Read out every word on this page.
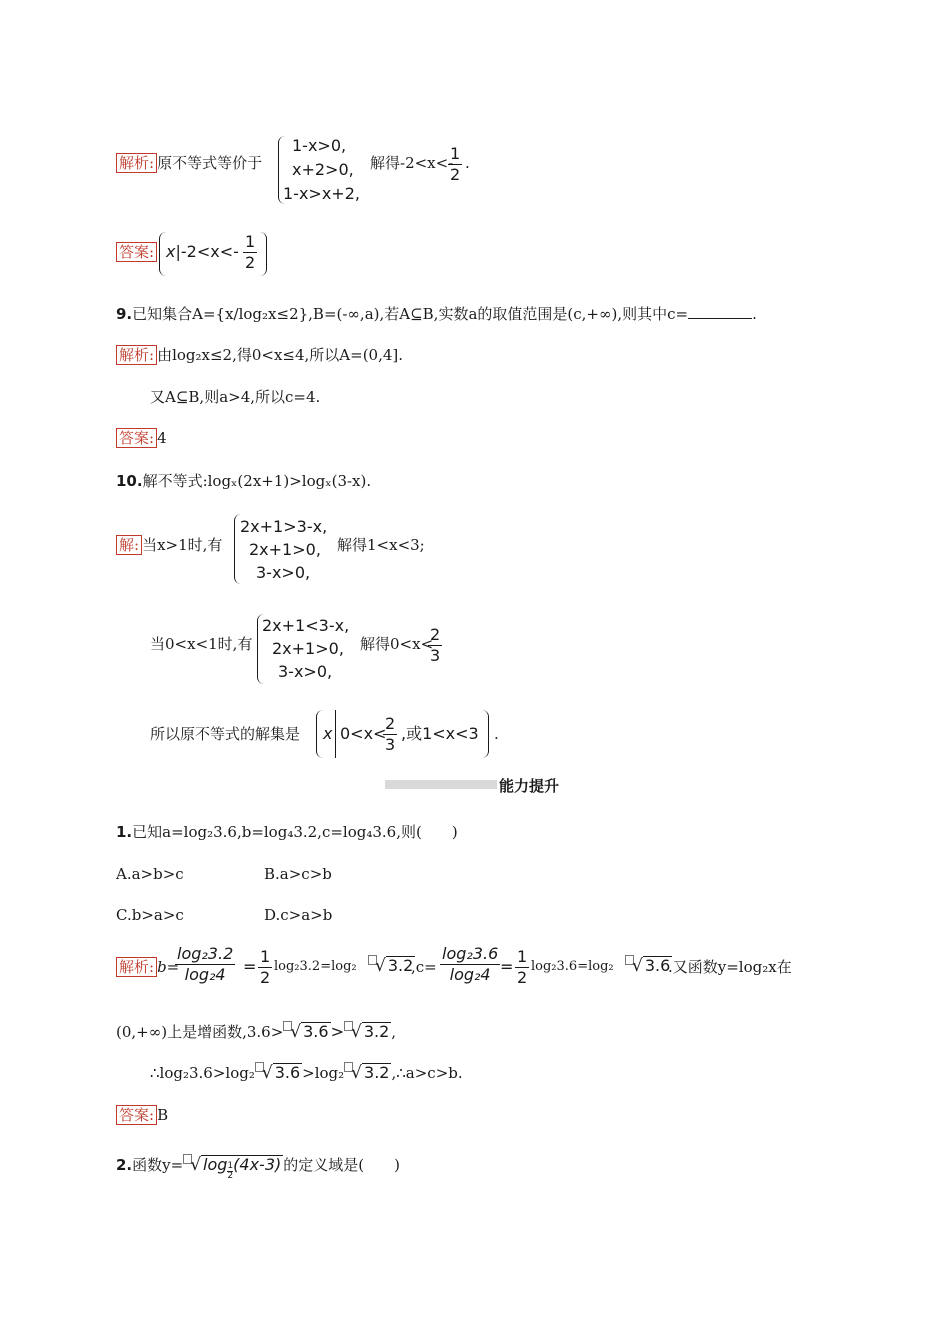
解析: 原不等式等价于
1-x>0,
x+2>0,
1-x>x+2,
解得-2<x<-
$\frac{1}{2}$ .
答案: $x|-2<x<- \frac{1}{2}$
9.已知集合A={x/log₂x≤2},B=(-∞,a),若A⊆B,实数a的取值范围是(c,+∞),则其中c=	.
解析: 由log₂x≤2,得0<x≤4,所以A=(0,4].
又A⊆B,则a>4,所以c=4.
答案: 4
10.解不等式:logₓ(2x+1)>logₓ(3-x).
解: 当x>1时,有
2x+1>3-x,
2x+1>0,
3-x>0,
解得1<x<3;
当0<x<1时,有
2x+1<3-x,
2x+1>0,
3-x>0,
解得0<x<
$\frac{2}{3}$
所以原不等式的解集是 x 0<x<
$\frac{2}{3}$ ,或1<x<3 .
能力提升
1.已知a=log₂3.6,b=log₄3.2,c=log₄3.6,则(　　)
A.a>b>c	B.a>c>b
C.b>a>c	D.c>a>b
解析: b=
$\frac{\text{log₂3.2}}{\text{log₂4}} = \frac{1}{2} \log_23.2=\log_2$	√ 3.2
$,c= \frac{\text{log₂3.6}}{\text{log₂4}} = \frac{1}{2} \log_23.6=\log_2$	√ 3.6
.又函数y=log₂x在
(0,+∞)上是增函数,3.6> √ 3.6 > √ 3.2 ,
∴log₂3.6>log₂ √ 3.6 >log₂ √ 3.2 ,∴a>c>b.
答案: B
2.函数y= √ $\log \frac{1}{2} (4x-3)$ 的定义域是(　　)
